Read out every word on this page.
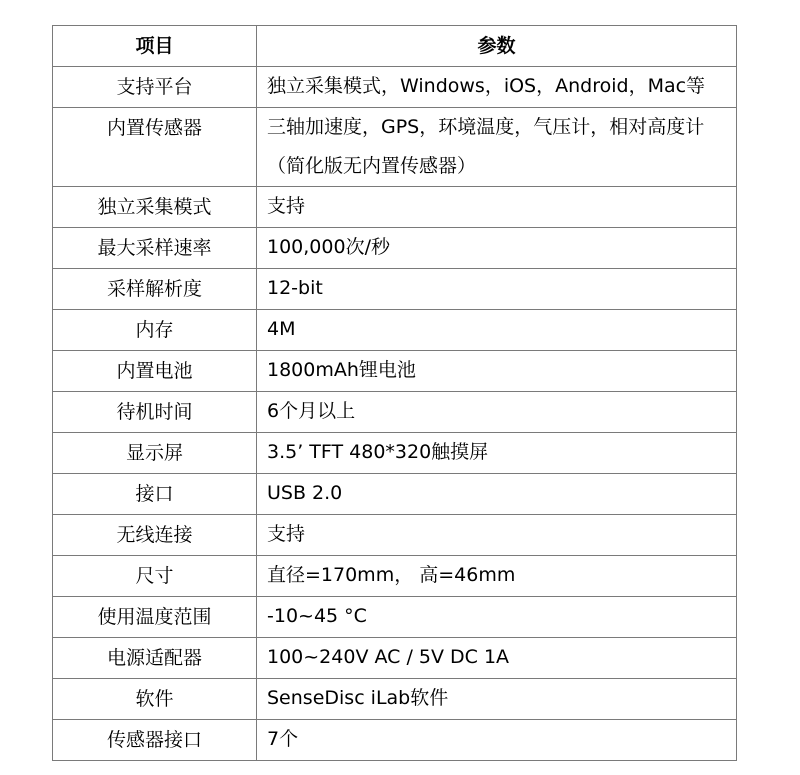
项目	参数
支持平台	独立采集模式，Windows，iOS，Android，Mac等

内置传感器	三轴加速度，GPS，环境温度，气压计，相对高度计
（简化版无内置传感器）

独立采集模式	支持

最大采样速率	100,000次/秒

采样解析度	12-bit

内存	4M

内置电池	1800mAh锂电池

待机时间	6个月以上

显示屏	3.5’ TFT 480*320触摸屏

接口	USB 2.0

无线连接	支持

尺寸	直径=170mm， 高=46mm

使用温度范围	-10~45 °C

电源适配器	100~240V AC / 5V DC 1A

软件	SenseDisc iLab软件

传感器接口	7个
